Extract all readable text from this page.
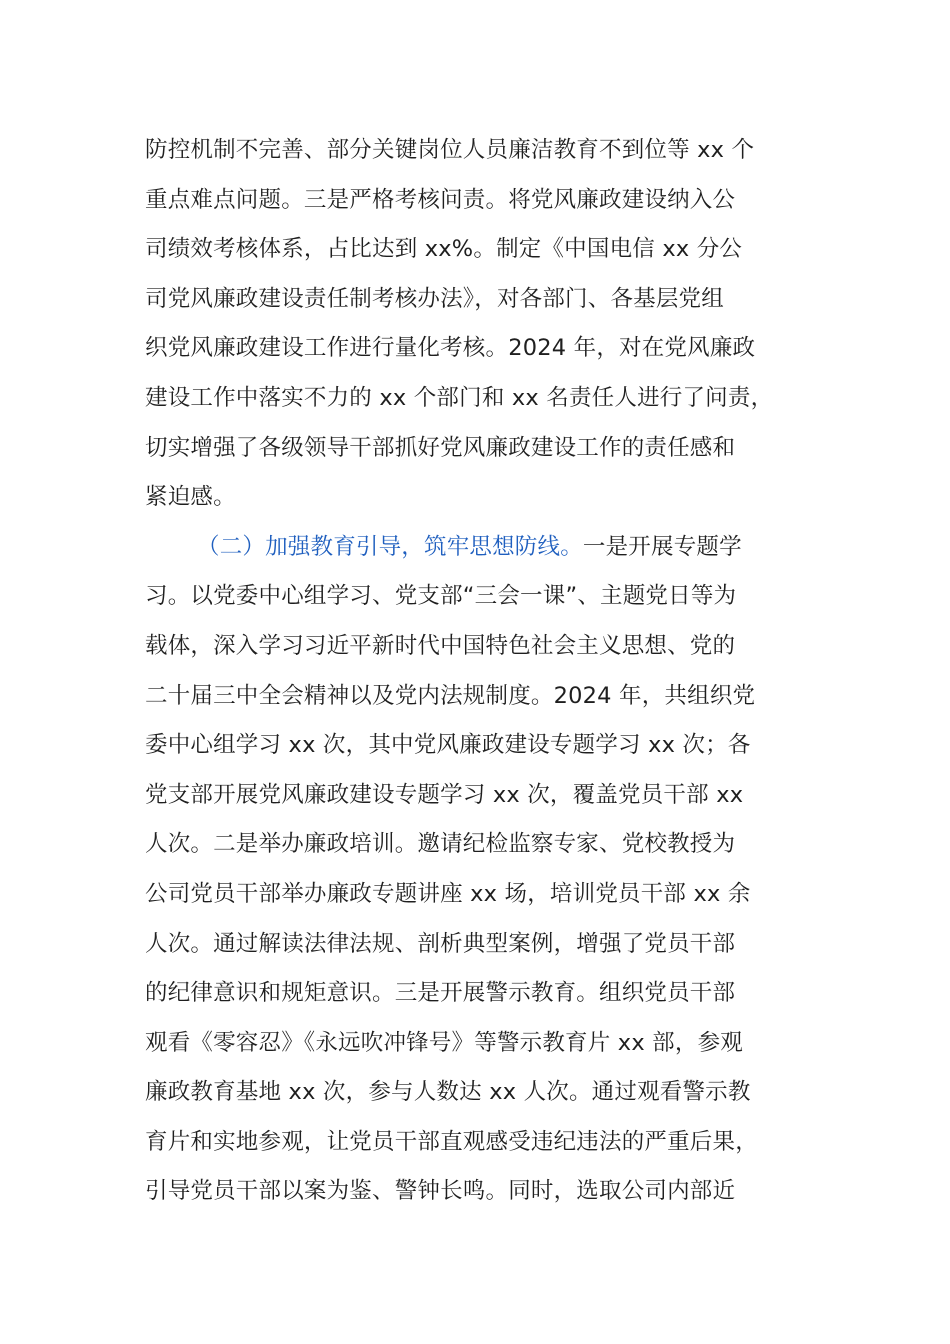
防控机制不完善、部分关键岗位人员廉洁教育不到位等 xx 个
重点难点问题。三是严格考核问责。将党风廉政建设纳入公
司绩效考核体系，占比达到 xx%。制定《中国电信 xx 分公
司党风廉政建设责任制考核办法》，对各部门、各基层党组
织党风廉政建设工作进行量化考核。2024 年，对在党风廉政
建设工作中落实不力的 xx 个部门和 xx 名责任人进行了问责，
切实增强了各级领导干部抓好党风廉政建设工作的责任感和
紧迫感。
（二）加强教育引导，筑牢思想防线。一是开展专题学
习。以党委中心组学习、党支部“三会一课”、主题党日等为
载体，深入学习习近平新时代中国特色社会主义思想、党的
二十届三中全会精神以及党内法规制度。2024 年，共组织党
委中心组学习 xx 次，其中党风廉政建设专题学习 xx 次；各
党支部开展党风廉政建设专题学习 xx 次，覆盖党员干部 xx
人次。二是举办廉政培训。邀请纪检监察专家、党校教授为
公司党员干部举办廉政专题讲座 xx 场，培训党员干部 xx 余
人次。通过解读法律法规、剖析典型案例，增强了党员干部
的纪律意识和规矩意识。三是开展警示教育。组织党员干部
观看《零容忍》《永远吹冲锋号》等警示教育片 xx 部，参观
廉政教育基地 xx 次，参与人数达 xx 人次。通过观看警示教
育片和实地参观，让党员干部直观感受违纪违法的严重后果，
引导党员干部以案为鉴、警钟长鸣。同时，选取公司内部近
